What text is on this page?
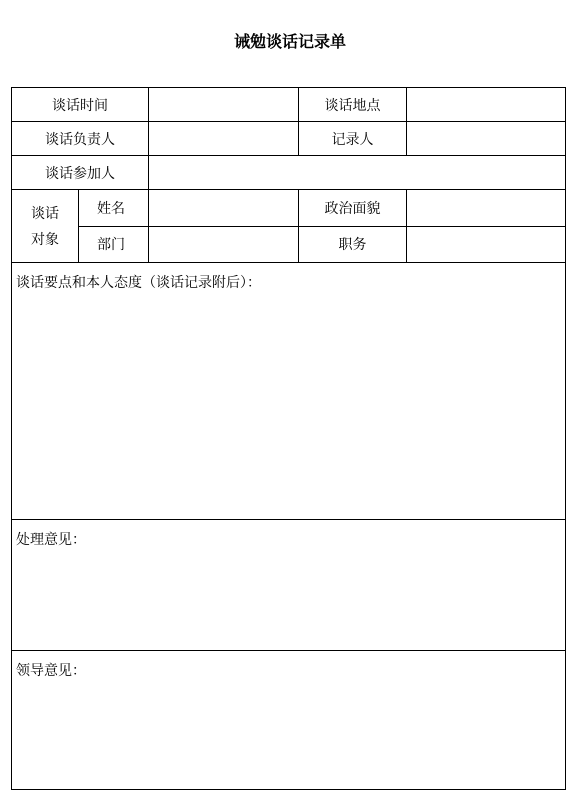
诫勉谈话记录单
谈话时间			谈话地点	
谈话负责人			记录人	
谈话参加人				
谈话	姓名		政治面貌	
对象	部门		职务	

谈话要点和本人态度（谈话记录附后）：				

处理意见：				

领导意见：				
